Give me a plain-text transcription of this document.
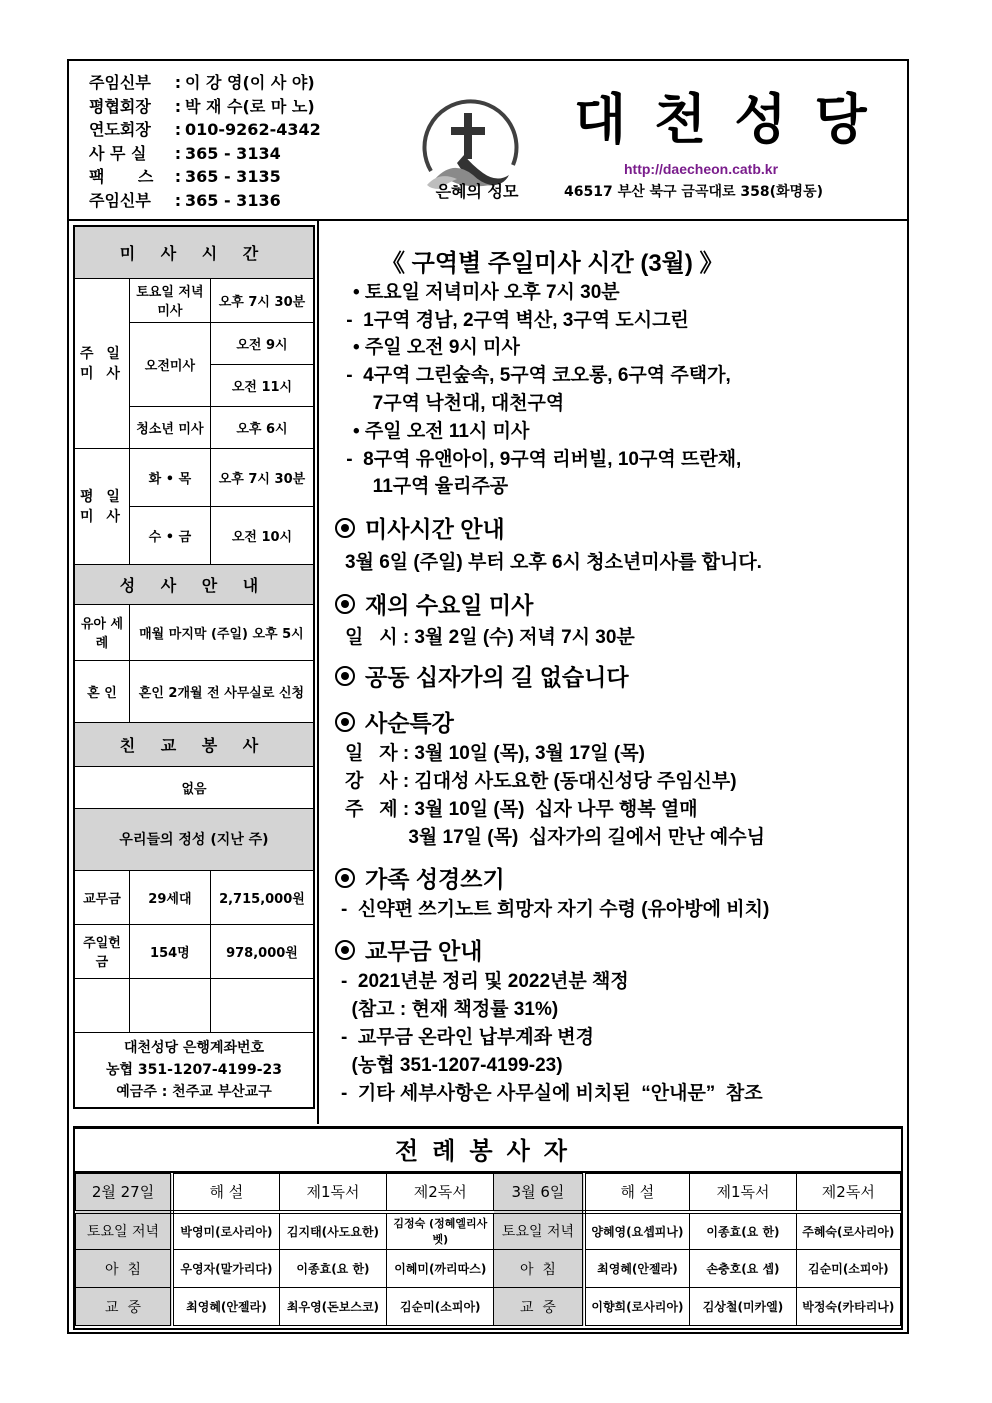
주임신부	: 이 강 영(이 사 야)
평협회장	: 박 재 수(로 마 노)
연도회장	: 010-9262-4342
사 무 실	: 365 - 3134
팩      스	: 365 - 3135
주임신부	: 365 - 3136	은혜의 성모
대천성당
http://daecheon.catb.kr
46517 부산 북구 금곡대로 358(화명동)
미 사 시 간		
주 일 미 사	토요일 저녁미사	오후 7시 30분
	오전미사	오전 9시
		오전 11시
	청소년 미사	오후 6시
평 일 미 사	화 • 목	오후 7시 30분
	수 • 금	오전 10시
성 사 안 내		
유아 세례	매월 마지막 (주일) 오후 5시	
혼 인	혼인 2개월 전 사무실로 신청	
친 교 봉 사		
없음		
우리들의 정성 (지난 주)		
교무금	29세대	2,715,000원
주일헌금	154명	978,000원

대천성당 은행계좌번호
농협 351-1207-4199-23
예금주 : 천주교 부산교구		
《 구역별 주일미사 시간 (3월) 》
• 토요일 저녁미사 오후 7시 30분
-  1구역 경남, 2구역 벽산, 3구역 도시그린
• 주일 오전 9시 미사
-  4구역 그린숲속, 5구역 코오롱, 6구역 주택가,
7구역 낙천대, 대천구역
• 주일 오전 11시 미사
-  8구역 유앤아이, 9구역 리버빌, 10구역 뜨란채,
11구역 율리주공
미사시간 안내
3월 6일 (주일) 부터 오후 6시 청소년미사를 합니다.
재의 수요일 미사
일   시 : 3월 2일 (수) 저녁 7시 30분
공동 십자가의 길 없습니다
사순특강
일   자 : 3월 10일 (목), 3월 17일 (목)
강   사 : 김대성 사도요한 (동대신성당 주임신부)
주   제 : 3월 10일 (목)  십자 나무 행복 열매
3월 17일 (목)  십자가의 길에서 만난 예수님
가족 성경쓰기
-  신약편 쓰기노트 희망자 자기 수령 (유아방에 비치)
교무금 안내
-  2021년분 정리 및 2022년분 책정
(참고 : 현재 책정률 31%)
-  교무금 온라인 납부계좌 변경
(농협 351-1207-4199-23)
-  기타 세부사항은 사무실에 비치된  “안내문”  참조
전례봉사자
2월 27일	해 설	제1독서	제2독서	3월 6일	해 설	제1독서	제2독서
토요일 저녁	박영미(로사리아)	김지태(사도요한)	김정숙 (정혜엘리사벳)	토요일 저녁	양혜영(요셉피나)	이종효(요 한)	주혜숙(로사리아)
아  침	우영자(말가리다)	이종효(요 한)	이혜미(까리따스)	아  침	최영혜(안젤라)	손충호(요 셉)	김순미(소피아)
교  중	최영혜(안젤라)	최우영(돈보스코)	김순미(소피아)	교  중	이향희(로사리아)	김상철(미카엘)	박정숙(카타리나)
